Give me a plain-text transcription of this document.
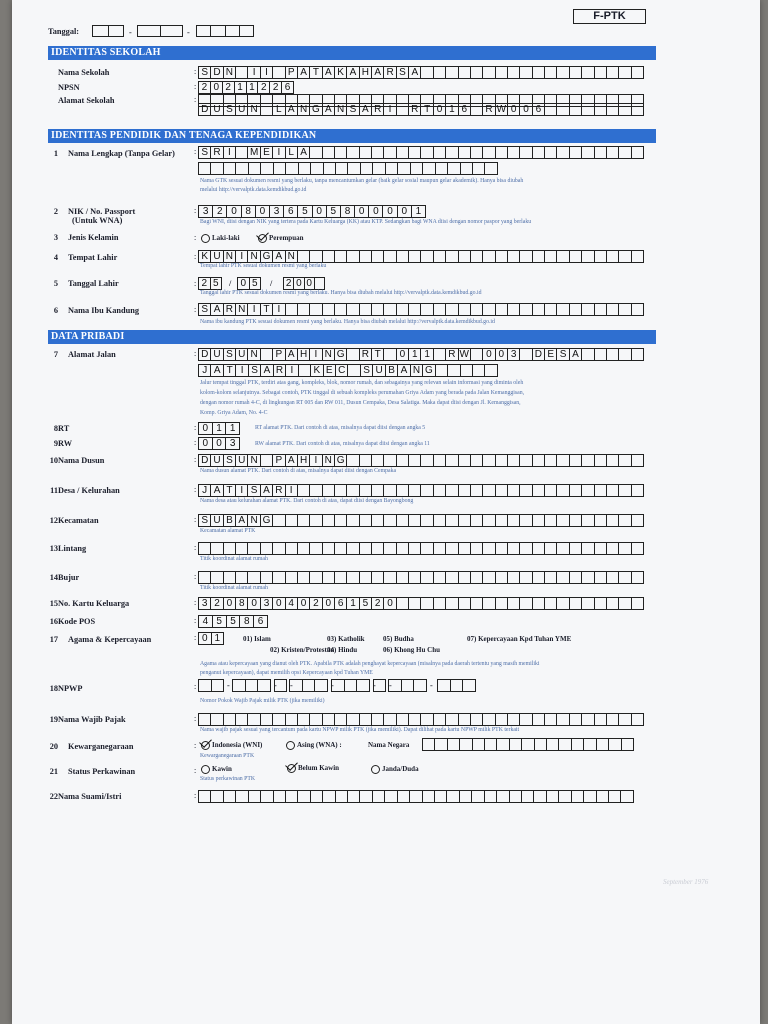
F-PTK
Tanggal:	-	-
IDENTITAS SEKOLAH
IDENTITAS PENDIDIK DAN TENAGA KEPENDIDIKAN
DATA PRIBADI
Nama Sekolah	: S D N	I I	P A T A K A H A R S A
NPSN	: 2 0 2 1 1 2 2 6
Alamat Sekolah	:
D U S U N	L A N G A N S A R I	R T 0 1 6	R W 0 0 6
1 Nama Lengkap (Tanpa Gelar) : S R I	M E I L A
Nama GTK sesuai dokumen resmi yang berlaku, tanpa mencantumkan gelar (baik gelar sosial maupun gelar akademik). Hanya bisa diubah
melalui http://vervalptk.data.kemdikbud.go.id
2 NIK / No. Passport
(Untuk WNA)
: 3 2 0 8 0 3 6 5 0 5 8 0 0 0 0 1
Bagi WNI, diisi dengan NIK yang tertera pada Kartu Keluarga (KK) atau KTP. Sedangkan bagi WNA diisi dengan nomor paspor yang berlaku
3 Jenis Kelamin	:	Laki-laki	Perempuan
4 Tempat Lahir	: K U N I N G A N
Tempat lahir PTK sesuai dokumen resmi yang berlaku
5 Tanggal Lahir	: 2 5 / 0 5 / 2 0 0
Tanggal lahir PTK sesuai dokumen resmi yang berlaku. Hanya bisa diubah melalui http://vervalptk.data.kemdikbud.go.id
6 Nama Ibu Kandung	: S A R N I T I
Nama ibu kandung PTK sesuai dokumen resmi yang berlaku. Hanya bisa diubah melalui http://vervalptk.data.kemdikbud.go.id
7 Alamat Jalan	: D U S U N	P A H I N G R T	0 1 1	R W 0 0 3	D E S A
J A T I S A R I	K E C	S U B A N G
Jalur tempat tinggal PTK, terdiri atas gang, kompleks, blok, nomor rumah, dan sebagainya yang relevan selain informasi yang diminta oleh
kolom-kolom selanjutnya. Sebagai contoh, PTK tinggal di sebuah kompleks perumahan Griya Adam yang berada pada Jalan Kemanggisan,
dengan nomor rumah 4-C, di lingkungan RT 005 dan RW 011, Dusun Cempaka, Desa Salatiga. Maka dapat diisi dengan Jl. Kemanggisan,
Komp. Griya Adam, No. 4-C
8 RT	: 0 1 1	RT alamat PTK. Dari contoh di atas, misalnya dapat diisi dengan angka 5
9 RW	: 0 0 3	RW alamat PTK. Dari contoh di atas, misalnya dapat diisi dengan angka 11
10 Nama Dusun	: D U S U N	P A H I N G
Nama dusun alamat PTK. Dari contoh di atas, misalnya dapat diisi dengan Cempaka
11 Desa / Kelurahan	: J A T I S A R I
Nama desa atau kelurahan alamat PTK. Dari contoh di atas, dapat diisi dengan Bayongbong
12 Kecamatan	: S U B A N G
Kecamatan alamat PTK
13 Lintang	:
Titik koordinat alamat rumah
14 Bujur	:
Titik koordinat alamat rumah
15 No. Kartu Keluarga	: 3 2 0 8 0 3 0 4 0 2 0 6 1 5 2 0
16 Kode POS	: 4 5 5 8 6
17 Agama & Kepercayaan	: 0 1	01) Islam
02) Kristen/Protestan
03) Katholik
04) Hindu
05) Budha
06) Khong Hu Chu
07) Kepercayaan Kpd Tuhan YME
Agama atau kepercayaan yang dianut oleh PTK. Apabila PTK adalah penghayat kepercayaan (misalnya pada daerah tertentu yang masih memiliki
penganut kepercayaan), dapat memilih opsi Kepercayaan kpd Tuhan YME
18 NPWP	:	-	- -	-	- -	-
Nomor Pokok Wajib Pajak milik PTK (jika memiliki)
19 Nama Wajib Pajak	:
Nama wajib pajak sesuai yang tercantum pada kartu NPWP milik PTK (jika memiliki). Dapat dilihat pada kartu NPWP milik PTK terkait
20 Kewarganegaraan	:	Indonesia (WNI)	Asing (WNA) :	Nama Negara
Kewarganegaraan PTK
21 Status Perkawinan	:	Kawin	Belum Kawin	Janda/Duda
Status perkawinan PTK
22 Nama Suami/Istri	:
September 1976
